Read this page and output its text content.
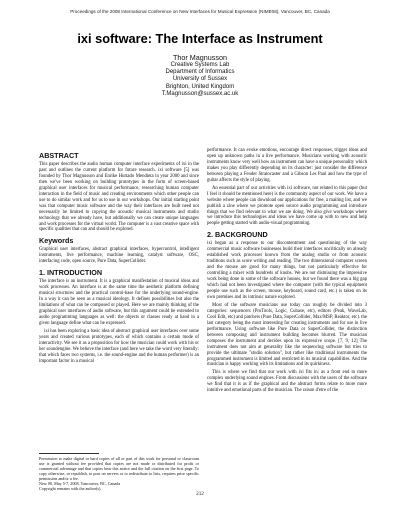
Proceedings of the 2008 International Conference on New Interfaces for Musical Expression (NIME08), Vancouver, BC, Canada
ixi software: The Interface as Instrument
Thor Magnusson
Creative Systems Lab
Department of Informatics
University of Sussex
Brighton, United Kingdom
T.Magnusson@sussex.ac.uk
ABSTRACT

This paper describes the audio human computer interface experiments of ixi in the past and outlines the current platform for future research. ixi software [5] was founded by Thor Magnusson and Enrike Hurtado Mendieta in year 2000 and since then we've been working on building prototypes in the form of screen-based graphical user interfaces for musical performance, researching human computer interaction in the field of music and creating environments which other people can use to do similar work and for us to use in our workshops. Our initial starting point was that computer music software and the way their interfaces are built need not necessarily be limited to copying the acoustic musical instruments and studio technology that we already have, but additionally we can create unique languages and work processes for the virtual world. The computer is a vast creative space with specific qualities that can and should be explored.

Keywords

Graphical user interfaces, abstract graphical interfaces, hypercontrol, intelligent instruments, live performance, machine learning, catalyst software, OSC, interfacing code, open source, Pure Data, SuperCollider.

1. INTRODUCTION

The interface is an instrument. It is a graphical manifestation of musical ideas and work processes. An interface is at the same time the aesthetic platform defining musical structures and the practical control-base for the underlying sound-engine. In a way it can be seen as a musical ideology. It defines possibilities but also the limitations of what can be composed or played. Here we are mainly thinking of the graphical user interfaces of audio software, but this argument could be extended to audio programming languages as well: the objects or classes ready at hand in a given language define what can be expressed.

ixi has been exploring a basic idea of abstract graphical user interfaces over some years and created various prototypes, each of which contains a certain mode of interactivity. We see it as a proposition for how the musician could work with his or her soundengine. We believe the interface (and here we take the word very literally: that which faces two systems, i.e. the sound-engine and the human performer) is an important factor in a musical

Permission to make digital or hard copies of all or part of this work for personal or classroom use is granted without fee provided that copies are not made or distributed for profit or commercial advantage and that copies bear this notice and the full citation on the first page. To copy otherwise, or republish, to post on servers or to redistribute to lists, requires prior specific permission and/or a fee.

New 08, May 5-7, 2008, Vancouver, BC, Canada

Copyright remains with the author(s).

performance. It can evoke emotions, encourage direct responses, trigger ideas and open up unknown paths in a live performance. Musicians working with acoustic instruments know very well how an instrument can have a unique personality which makes you play differently depending on its character: just consider the difference between playing a Fender Stratocaster and a Gibson Les Paul and how the type of guitar affects the style of playing.

An essential part of our activities with ixi software, not related to this paper (but I feel it should be mentioned here) is the community aspect of our work. We have a website where people can download our applications for free, a mailing list, and we publish a zine where we promote open source audio programming and introduce things that we find relevant to what we are doing. We also give workshops where we introduce this technologies and ideas we have come up with to new and help people getting started with audio-visual programming.

2. BACKGROUND

ixi began as a response to our discontentment and questioning of the way commercial music software businesses build their interfaces uncritically on already established work processes known from the analog studio or from acoustic traditions such as score writing and reading. The two dimensional computer screen and the mouse are good for many things, but not particularly effective for controlling a mixer with hundreds of knobs. We are not dismissing the impressive work being done in some of the software houses, but we found there was a big gap which had not been investigated where the computer (with the typical equipment people use such as the screen, mouse, keyboard, sound card, etc.) is taken on its own premises and its intrinsic nature explored.

Most of the software musicians use today can roughly be divided into 3 categories: sequencers (ProTools, Logic, Cubase, etc), editors (Peak, WaveLab, Cool Edit, etc) and patchers (Pure Data, SuperCollider, Max/MSP, Reaktor, etc). the last category being the most interesting for creating instruments and for use in live performance. Using software like Pure Data or SuperCollider, the distinction between composing and instrument building becomes blurred. The musician composes the instrument and decides upon its expressive scope. [7, 9, 12] The instrument does not aim at generality like the sequencing software but tries to provide the ultimate "studio solution", but rather like traditional instruments the programmed instrument is limited and restricted in its musical capabilities. And the musician is happy working with its limitations and its quirkiness.

This is where we find that our work with ixi fits in: as a front end to more complex underlying sound engines. From discussions with the users of the software we find that it is as if the graphical and the abstract forms relate to more more intuitive and emotional parts of the musician. The raison d'etre of the

212
